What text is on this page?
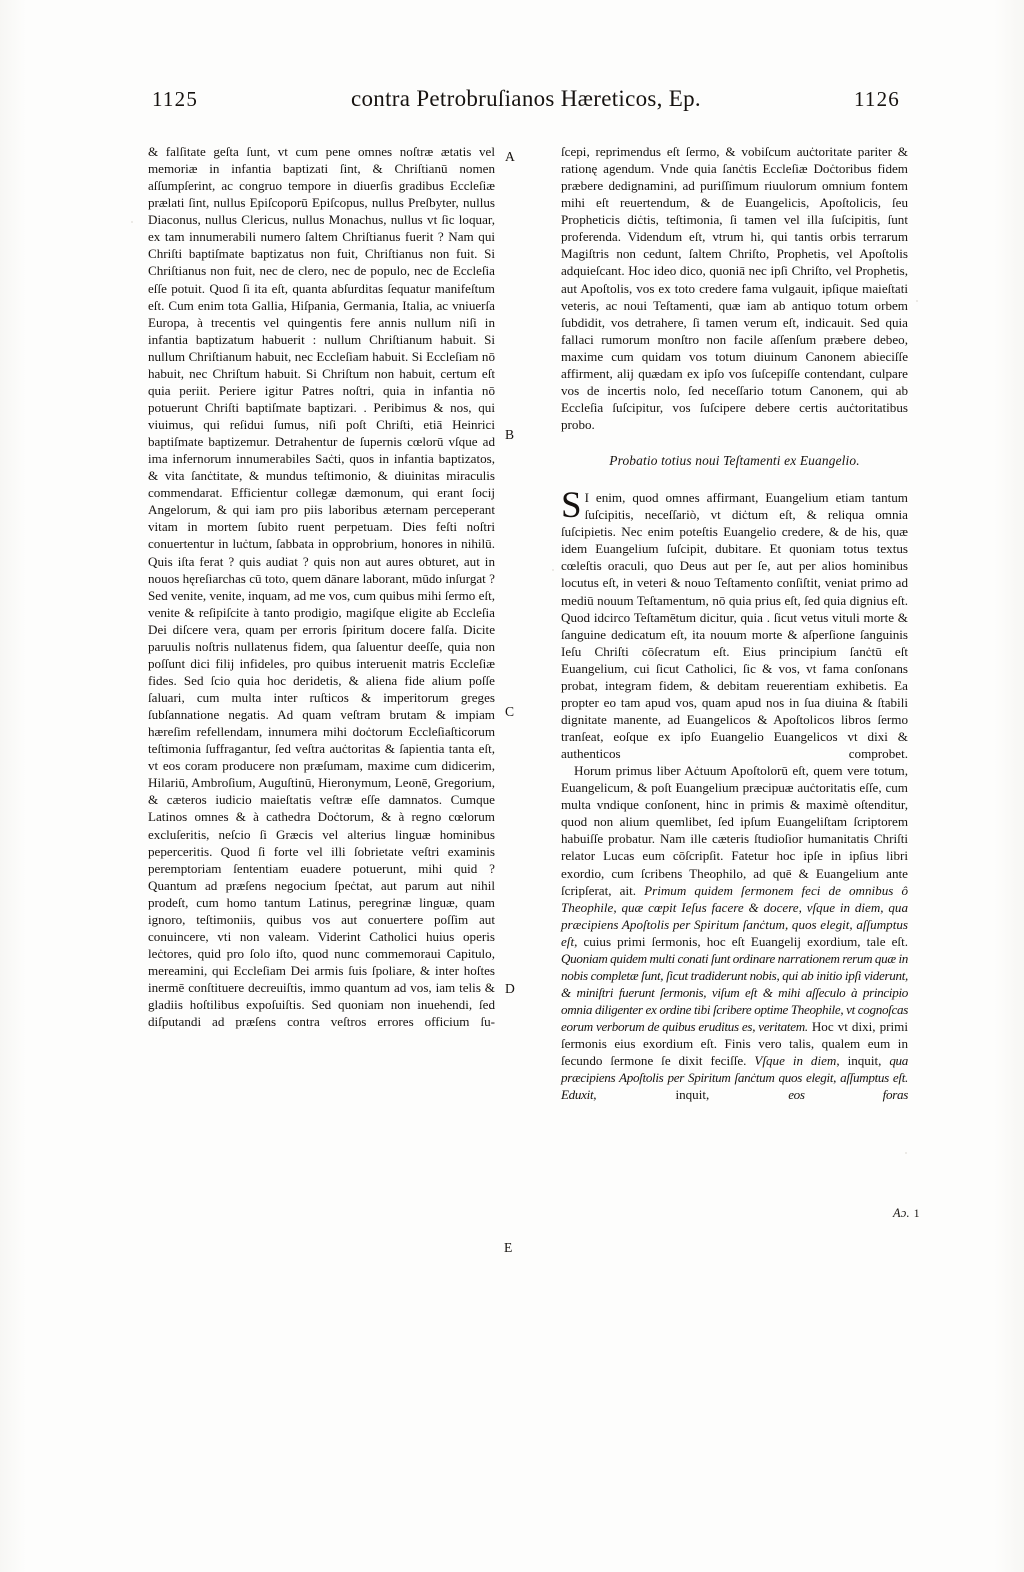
1125	contra Petrobruſianos Hæreticos, Ep.	1126

& falſitate geſta ſunt, vt cum pene omnes noſtræ ætatis vel memoriæ in infantia baptizati ſint, & Chriſtianū nomen aſſumpſerint, ac congruo tempore in diuerſis gradibus Eccleſiæ prælati ſint, nullus Epiſcoporū Epiſcopus, nullus Preſbyter, nullus Diaconus, nullus Clericus, nullus Monachus, nullus vt ſic loquar, ex tam innumerabili numero ſaltem Chriſtianus fuerit ? Nam qui Chriſti baptiſmate baptizatus non fuit, Chriſtianus non fuit. Si Chriſtianus non fuit, nec de clero, nec de populo, nec de Eccleſia eſſe potuit. Quod ſi ita eſt, quanta abſurditas ſequatur manifeſtum eſt. Cum enim tota Gallia, Hiſpania, Germania, Italia, ac vniuerſa Europa, à trecentis vel quingentis fere annis nullum niſi in infantia baptizatum habuerit : nullum Chriſtianum habuit. Si nullum Chriſtianum habuit, nec Eccleſiam habuit. Si Eccleſiam nō habuit, nec Chriſtum habuit. Si Chriſtum non habuit, certum eſt quia periit. Periere igitur Patres noſtri, quia in infantia nō potuerunt Chriſti baptiſmate baptizari. . Peribimus & nos, qui viuimus, qui reſidui ſumus, niſi poſt Chriſti, etiā Heinrici baptiſmate baptizemur. Detrahentur de ſupernis cœlorū vſque ad ima infernorum innumerabiles Saċti, quos in infantia baptizatos, & vita ſanċtitate, & mundus teſtimonio, & diuinitas miraculis commendarat. Efficientur collegæ dæmonum, qui erant ſocij Angelorum, & qui iam pro piis laboribus æternam perceperant vitam in mortem ſubito ruent perpetuam. Dies feſti noſtri conuertentur in luċtum, ſabbata in opprobrium, honores in nihilū. Quis iſta ferat ? quis audiat ? quis non aut aures obturet, aut in nouos hęreſiarchas cū toto, quem dānare laborant, mūdo inſurgat ? Sed venite, venite, inquam, ad me vos, cum quibus mihi ſermo eſt, venite & reſipiſcite à tanto prodigio, magiſque eligite ab Eccleſia Dei diſcere vera, quam per erroris ſpiritum docere falſa. Dicite paruulis noſtris nullatenus fidem, qua ſaluentur deeſſe, quia non poſſunt dici filij infideles, pro quibus interuenit matris Eccleſiæ fides. Sed ſcio quia hoc deridetis, & aliena fide alium poſſe ſaluari, cum multa inter ruſticos & imperitorum greges ſubſannatione negatis. Ad quam veſtram brutam & impiam hæreſim refellendam, innumera mihi doċtorum Eccleſiaſticorum teſtimonia ſuffragantur, ſed veſtra auċtoritas & ſapientia tanta eſt, vt eos coram producere non præſumam, maxime cum didicerim, Hilariū, Ambroſium, Auguſtinū, Hieronymum, Leonē, Gregorium, & cæteros iudicio maieſtatis veſtræ eſſe damnatos. Cumque Latinos omnes & à cathedra Doċtorum, & à regno cœlorum excluſeritis, neſcio ſi Græcis vel alterius linguæ hominibus peperceritis. Quod ſi forte vel illi ſobrietate veſtri examinis peremptoriam ſententiam euadere potuerunt, mihi quid ? Quantum ad præſens negocium ſpeċtat, aut parum aut nihil prodeſt, cum homo tantum Latinus, peregrinæ linguæ, quam ignoro, teſtimoniis, quibus vos aut conuertere poſſim aut conuincere, vti non valeam. Viderint Catholici huius operis leċtores, quid pro ſolo iſto, quod nunc commemoraui Capitulo, mereamini, qui Eccleſiam Dei armis ſuis ſpoliare, & inter hoſtes inermē conſtituere decreuiſtis, immo quantum ad vos, iam telis & gladiis hoſtilibus expoſuiſtis. Sed quoniam non inuehendi, ſed diſputandi ad præſens contra veſtros errores officium ſu-

ſcepi, reprimendus eſt ſermo, & vobiſcum auċtoritate pariter & rationę agendum. Vnde quia ſanċtis Eccleſiæ Doċtoribus fidem præbere dedignamini, ad puriſſimum riuulorum omnium fontem mihi eſt reuertendum, & de Euangelicis, Apoſtolicis, ſeu Propheticis diċtis, teſtimonia, ſi tamen vel illa ſuſcipitis, ſunt proferenda. Videndum eſt, vtrum hi, qui tantis orbis terrarum Magiſtris non cedunt, ſaltem Chriſto, Prophetis, vel Apoſtolis adquieſcant. Hoc ideo dico, quoniā nec ipſi Chriſto, vel Prophetis, aut Apoſtolis, vos ex toto credere fama vulgauit, ipſique maieſtati veteris, ac noui Teſtamenti, quæ iam ab antiquo totum orbem ſubdidit, vos detrahere, ſi tamen verum eſt, indicauit. Sed quia fallaci rumorum monſtro non facile aſſenſum præbere debeo, maxime cum quidam vos totum diuinum Canonem abieciſſe affirment, alij quædam ex ipſo vos ſuſcepiſſe contendant, culpare vos de incertis nolo, ſed neceſſario totum Canonem, qui ab Eccleſia ſuſcipitur, vos ſuſcipere debere certis auċtoritatibus probo.

Probatio totius noui Teſtamenti ex Euangelio.

S I enim, quod omnes affirmant, Euangelium etiam tantum ſuſcipitis, neceſſariò, vt diċtum eſt, & reliqua omnia ſuſcipietis. Nec enim poteſtis Euangelio credere, & de his, quæ idem Euangelium ſuſcipit, dubitare. Et quoniam totus textus cœleſtis oraculi, quo Deus aut per ſe, aut per alios hominibus locutus eſt, in veteri & nouo Teſtamento conſiſtit, veniat primo ad mediū nouum Teſtamentum, nō quia prius eſt, ſed quia dignius eſt. Quod idcirco Teſtamētum dicitur, quia . ſicut vetus vituli morte & ſanguine dedicatum eſt, ita nouum morte & aſperſione ſanguinis Ieſu Chriſti cōſecratum eſt. Eius principium ſanċtū eſt Euangelium, cui ſicut Catholici, ſic & vos, vt fama conſonans probat, integram fidem, & debitam reuerentiam exhibetis. Ea propter eo tam apud vos, quam apud nos in ſua diuina & ſtabili dignitate manente, ad Euangelicos & Apoſtolicos libros ſermo tranſeat, eoſque ex ipſo Euangelio Euangelicos vt dixi & authenticos comprobet.

Horum primus liber Aċtuum Apoſtolorū eſt, quem vere totum, Euangelicum, & poſt Euangelium præcipuæ auċtoritatis eſſe, cum multa vndique conſonent, hinc in primis & maximè oſtenditur, quod non alium quemlibet, ſed ipſum Euangeliſtam ſcriptorem habuiſſe probatur. Nam ille cæteris ſtudioſior humanitatis Chriſti relator Lucas eum cōſcripſit. Fatetur hoc ipſe in ipſius libri exordio, cum ſcribens Theophilo, ad quē & Euangelium ante ſcripſerat, ait. Primum quidem ſermonem feci de omnibus ô Theophile, quæ cœpit Ieſus facere & docere, vſque in diem, qua præcipiens Apoſtolis per Spiritum ſanċtum, quos elegit, aſſumptus eſt, cuius primi ſermonis, hoc eſt Euangelij exordium, tale eſt. Quoniam quidem multi conati ſunt ordinare narrationem rerum quæ in nobis completæ ſunt, ſicut tradiderunt nobis, qui ab initio ipſi viderunt, & miniſtri fuerunt ſermonis, viſum eſt & mihi aſſeculo à principio omnia diligenter ex ordine tibi ſcribere optime Theophile, vt cognoſcas eorum verborum de quibus eruditus es, veritatem. Hoc vt dixi, primi ſermonis eius exordium eſt. Finis vero talis, qualem eum in ſecundo ſermone ſe dixit feciſſe. Vſque in diem, inquit, qua præcipiens Apoſtolis per Spiritum ſanċtum quos elegit, aſſumptus eſt. Eduxit, inquit, eos foras

A
B
C
D
E
Aɔ. 1
